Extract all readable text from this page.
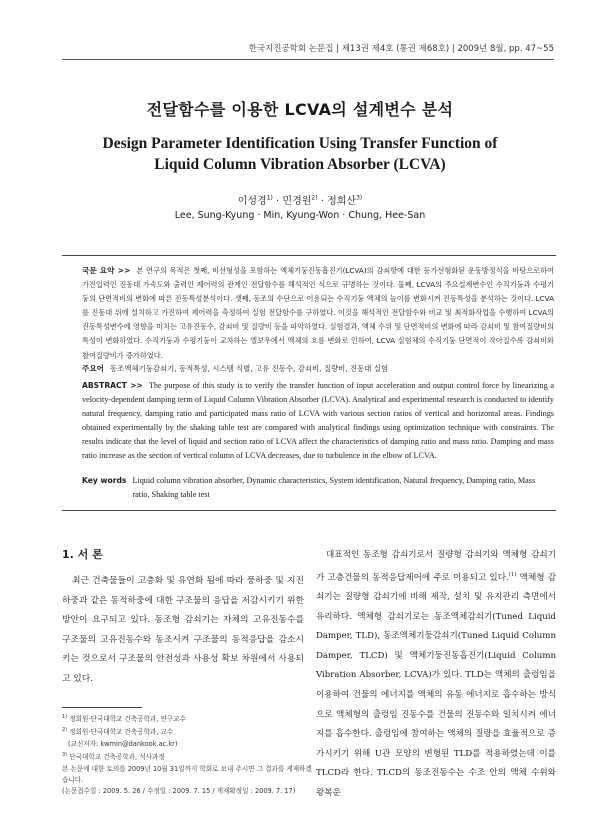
한국지진공학회 논문집 | 제13권 제4호 (통권 제68호) | 2009년 8월, pp. 47~55
전달함수를 이용한 LCVA의 설계변수 분석
Design Parameter Identification Using Transfer Function of
Liquid Column Vibration Absorber (LCVA)
이성경$^{1)}$ · 민경원$^{2)}$ · 정희산$^{3)}$
Lee, Sung-Kyung · Min, Kyung-Won · Chung, Hee-San
국문 요약 >> 본 연구의 목적은 첫째, 비선형성을 포함하는 액체기둥진동흡진기(LCVA)의 감쇠항에 대한 등가선형화된 운동방정식을 바탕으로하여 가진입력인 진동대 가속도와 출력인 제어력의 관계인 전달함수를 해석적인 식으로 규명하는 것이다. 둘째, LCVA의 주요설계변수인 수직기둥과 수평기둥의 단면적비의 변화에 따른 진동특성분석이다. 셋째, 동조의 수단으로 이용되는 수직기둥 액체의 높이를 변화시켜 진동특성을 분석하는 것이다. LCVA를 진동대 위에 설치하고 가진하여 제어력을 측정하여 실험 전달함수를 구하였다. 이것을 해석적인 전달함수와 비교 및 최적화작업을 수행하여 LCVA의 진동특성변수에 영향을 미치는 고유진동수, 감쇠비 및 질량비 등을 파악하였다. 실험결과, 액체 수위 및 단면적비의 변화에 따라 감쇠비 및 참여질량비의 특성이 변화하였다. 수직기둥과 수평기둥이 교차하는 엘보우에서 액체의 흐름 변화로 인하여, LCVA 실험체의 수직기둥 단면적이 작아질수록 감쇠비와 참여질량비가 증가하였다.
주요어 동조액체기둥감쇠기, 동적특성, 시스템 식별, 고유 진동수, 감쇠비, 질량비, 진동대 실험
ABSTRACT >> The purpose of this study is to verify the transfer function of input acceleration and output control force by linearizing a velocity-dependent damping term of Liquid Column Vibration Absorber (LCVA). Analytical and experimental research is conducted to identify natural frequency, damping ratio and participated mass ratio of LCVA with various section ratios of vertical and horizontal areas. Findings obtained experimentally by the shaking table test are compared with analytical findings using optimization technique with constraints. The results indicate that the level of liquid and section ratio of LCVA affect the characteristics of damping ratio and mass ratio. Damping and mass ratio increase as the section of vertical column of LCVA decreases, due to turbulence in the elbow of LCVA.
Key words Liquid column vibration absorber, Dynamic characteristics, System identification, Natural frequency, Damping ratio, Mass ratio, Shaking table test
1. 서 론
최근 건축물들이 고층화 및 유연화 됨에 따라 풍하중 및 지진하중과 같은 동적하중에 대한 구조물의 응답을 저감시키기 위한 방안이 요구되고 있다. 동조형 감쇠기는 자체의 고유진동수를 구조물의 고유진동수와 동조시켜 구조물의 동적응답을 감소시키는 것으로서 구조물의 안전성과 사용성 확보 차원에서 사용되고 있다.
$^{1)}$ 정회원·단국대학교 건축공학과, 연구교수
$^{2)}$ 정회원·단국대학교 건축공학과, 교수
(교신저자: kwmin@dankook.ac.kr)
$^{3)}$ 단국대학교 건축공학과, 석사과정
본 논문에 대한 토의를 2009년 10월 31일까지 학회로 보내 주시면 그 결과를 게재하겠습니다.
(논문접수일 : 2009. 5. 26 / 수정일 : 2009. 7. 15 / 게재확정일 : 2009. 7. 17)
대표적인 동조형 감쇠기로서 질량형 감쇠기와 액체형 감쇠기가 고층건물의 동적응답제어에 주로 이용되고 있다.$^{(1)}$ 액체형 감쇠기는 질량형 감쇠기에 비해 제작, 설치 및 유지관리 측면에서 유리하다. 액체형 감쇠기로는 동조액체감쇠기(Tuned Liquid Damper, TLD), 동조액체기둥감쇠기(Tuned Liquid Column Damper, TLCD) 및 액체기둥진동흡진기(Liquid Column Vibration Absorber, LCVA)가 있다. TLD는 액체의 출렁임을 이용하여 건물의 에너지를 액체의 유동 에너지로 흡수하는 방식으로 액체형의 출렁임 진동수를 건물의 진동수와 일치시켜 에너지를 흡수한다. 출렁임에 참여하는 액체의 질량을 효율적으로 증가시키기 위해 U관 모양의 변형된 TLD를 적용하였는데 이를 TLCD라 한다. TLCD의 동조진동수는 수조 안의 액체 수위와 왕복운
